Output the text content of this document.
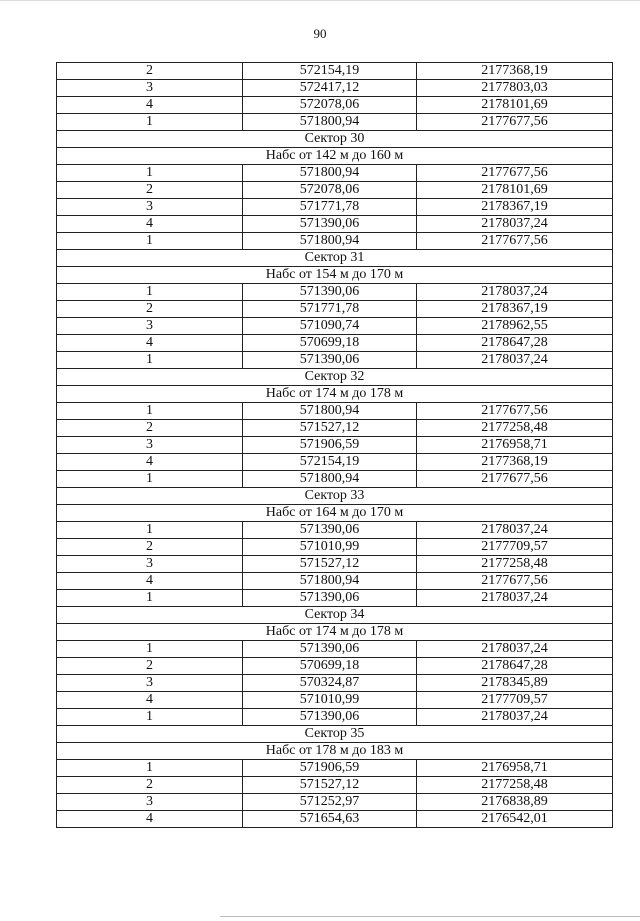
90
2	572154,19	2177368,19
3	572417,12	2177803,03
4	572078,06	2178101,69
1	571800,94	2177677,56
Сектор 30		
Набс от 142 м до 160 м		
1	571800,94	2177677,56
2	572078,06	2178101,69
3	571771,78	2178367,19
4	571390,06	2178037,24
1	571800,94	2177677,56
Сектор 31		
Набс от 154 м до 170 м		
1	571390,06	2178037,24
2	571771,78	2178367,19
3	571090,74	2178962,55
4	570699,18	2178647,28
1	571390,06	2178037,24
Сектор 32		
Набс от 174 м до 178 м		
1	571800,94	2177677,56
2	571527,12	2177258,48
3	571906,59	2176958,71
4	572154,19	2177368,19
1	571800,94	2177677,56
Сектор 33		
Набс от 164 м до 170 м		
1	571390,06	2178037,24
2	571010,99	2177709,57
3	571527,12	2177258,48
4	571800,94	2177677,56
1	571390,06	2178037,24
Сектор 34		
Набс от 174 м до 178 м		
1	571390,06	2178037,24
2	570699,18	2178647,28
3	570324,87	2178345,89
4	571010,99	2177709,57
1	571390,06	2178037,24
Сектор 35		
Набс от 178 м до 183 м		
1	571906,59	2176958,71
2	571527,12	2177258,48
3	571252,97	2176838,89
4	571654,63	2176542,01
